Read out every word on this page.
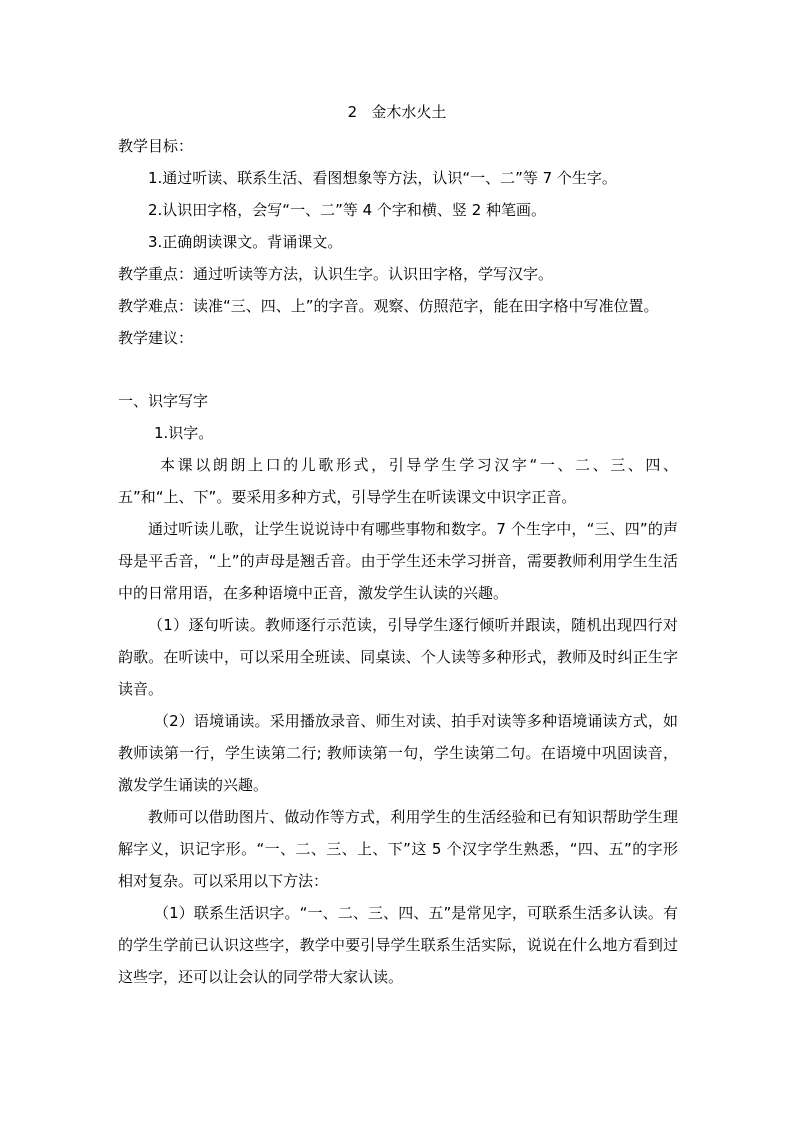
2   金木水火土

教学目标：

1.通过听读、联系生活、看图想象等方法，认识“一、二”等 7 个生字。

2.认识田字格，会写“一、二”等 4 个字和横、竖 2 种笔画。

3.正确朗读课文。背诵课文。

教学重点：通过听读等方法，认识生字。认识田字格，学写汉字。

教学难点：读准“三、四、上”的字音。观察、仿照范字，能在田字格中写准位置。

教学建议：

一、识字写字

1.识字。

本课以朗朗上口的儿歌形式，引导学生学习汉字“一、二、三、四、五”和“上、下”。要采用多种方式，引导学生在听读课文中识字正音。

通过听读儿歌，让学生说说诗中有哪些事物和数字。7 个生字中，“三、四”的声母是平舌音，“上”的声母是翘舌音。由于学生还未学习拼音，需要教师利用学生生活中的日常用语，在多种语境中正音，激发学生认读的兴趣。

（1）逐句听读。教师逐行示范读，引导学生逐行倾听并跟读，随机出现四行对韵歌。在听读中，可以采用全班读、同桌读、个人读等多种形式，教师及时纠正生字读音。

（2）语境诵读。采用播放录音、师生对读、拍手对读等多种语境诵读方式，如教师读第一行，学生读第二行; 教师读第一句，学生读第二句。在语境中巩固读音，激发学生诵读的兴趣。

教师可以借助图片、做动作等方式，利用学生的生活经验和已有知识帮助学生理解字义，识记字形。“一、二、三、上、下”这 5 个汉字学生熟悉，“四、五”的字形相对复杂。可以采用以下方法：

（1）联系生活识字。“一、二、三、四、五”是常见字，可联系生活多认读。有的学生学前已认识这些字，教学中要引导学生联系生活实际，说说在什么地方看到过这些字，还可以让会认的同学带大家认读。
